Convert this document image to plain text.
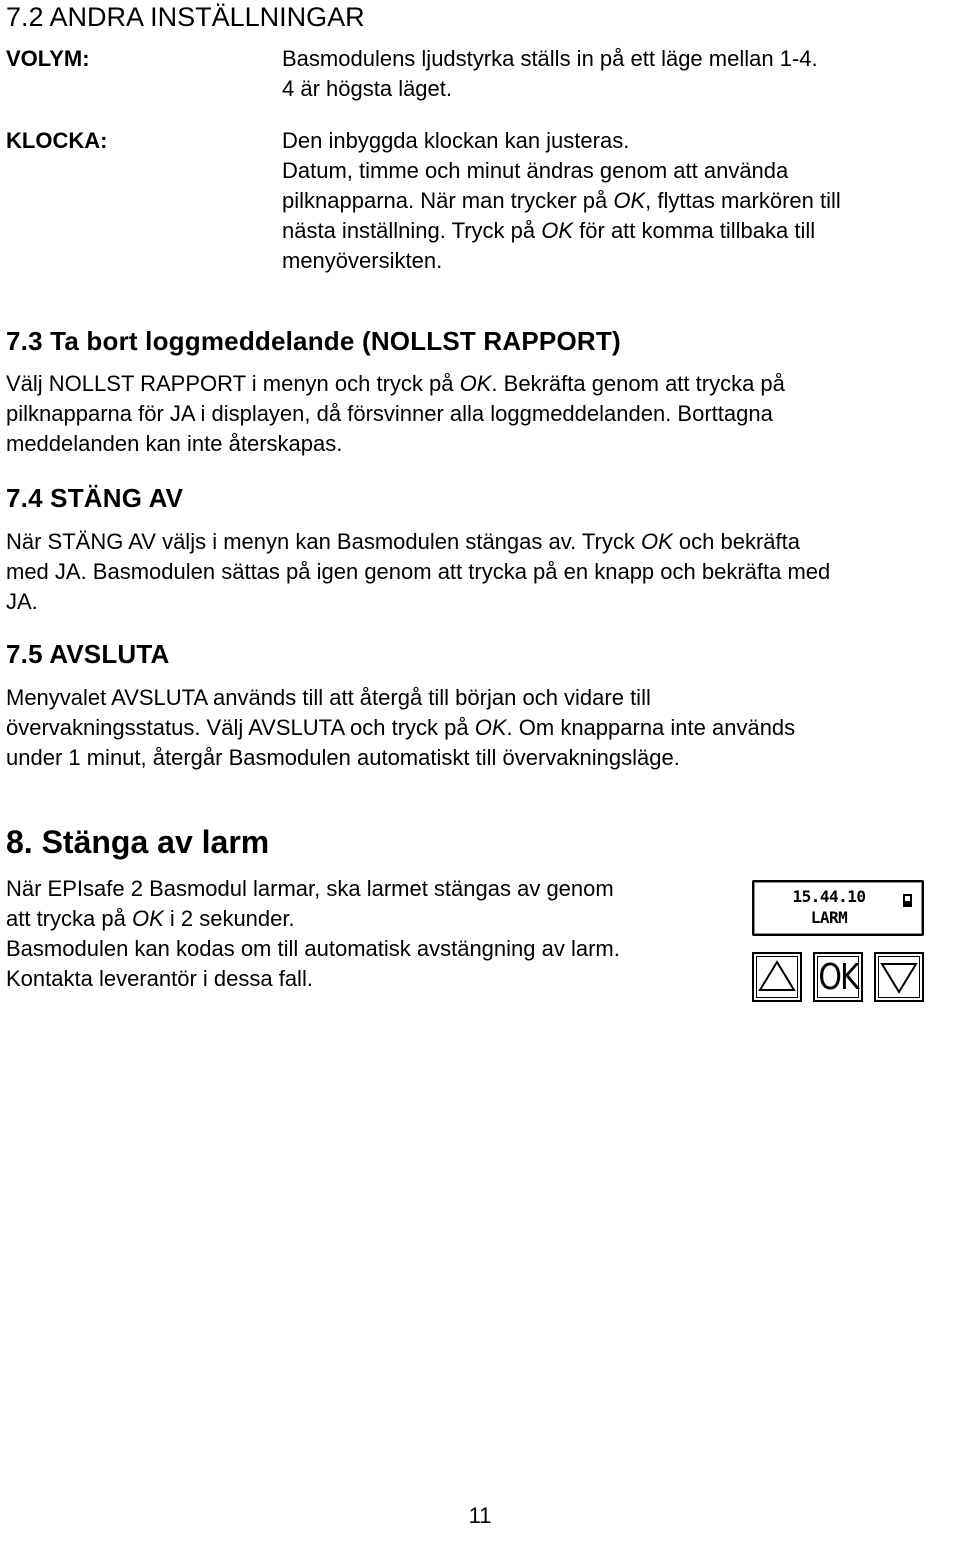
7.2 ANDRA INSTÄLLNINGAR
VOLYM:	Basmodulens ljudstyrka ställs in på ett läge mellan 1-4.
4 är högsta läget.
KLOCKA:	Den inbyggda klockan kan justeras.
Datum, timme och minut ändras genom att använda
pilknapparna. När man trycker på OK, flyttas markören till
nästa inställning. Tryck på OK för att komma tillbaka till
menyöversikten.
7.3 Ta bort loggmeddelande (NOLLST RAPPORT)
Välj NOLLST RAPPORT i menyn och tryck på OK. Bekräfta genom att trycka på
pilknapparna för JA i displayen, då försvinner alla loggmeddelanden. Borttagna
meddelanden kan inte återskapas.
7.4 STÄNG AV
När STÄNG AV väljs i menyn kan Basmodulen stängas av. Tryck OK och bekräfta
med JA. Basmodulen sättas på igen genom att trycka på en knapp och bekräfta med
JA.
7.5 AVSLUTA
Menyvalet AVSLUTA används till att återgå till början och vidare till
övervakningsstatus. Välj AVSLUTA och tryck på OK. Om knapparna inte används
under 1 minut, återgår Basmodulen automatiskt till övervakningsläge.
8. Stänga av larm
När EPIsafe 2 Basmodul larmar, ska larmet stängas av genom
att trycka på OK i 2 sekunder.
Basmodulen kan kodas om till automatisk avstängning av larm.
Kontakta leverantör i dessa fall.
15.44.10
LARM
OK
11
